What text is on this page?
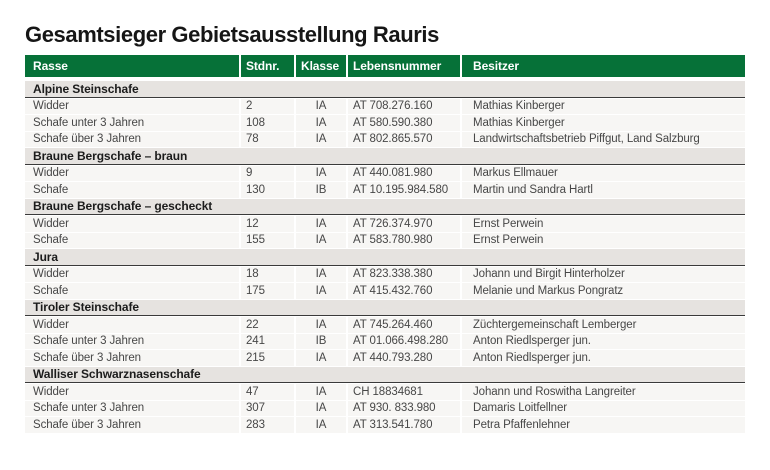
Gesamtsieger Gebietsausstellung Rauris
Rasse	Stdnr.	Klasse	Lebensnummer	Besitzer
Alpine Steinschafe
Widder	2	IA	AT 708.276.160	Mathias Kinberger
Schafe unter 3 Jahren	108	IA	AT 580.590.380	Mathias Kinberger
Schafe über 3 Jahren	78	IA	AT 802.865.570	Landwirtschaftsbetrieb Piffgut, Land Salzburg
Braune Bergschafe – braun
Widder	9	IA	AT 440.081.980	Markus Ellmauer
Schafe	130	IB	AT 10.195.984.580	Martin und Sandra Hartl
Braune Bergschafe – gescheckt
Widder	12	IA	AT 726.374.970	Ernst Perwein
Schafe	155	IA	AT 583.780.980	Ernst Perwein
Jura
Widder	18	IA	AT 823.338.380	Johann und Birgit Hinterholzer
Schafe	175	IA	AT 415.432.760	Melanie und Markus Pongratz
Tiroler Steinschafe
Widder	22	IA	AT 745.264.460	Züchtergemeinschaft Lemberger
Schafe unter 3 Jahren	241	IB	AT 01.066.498.280	Anton Riedlsperger jun.
Schafe über 3 Jahren	215	IA	AT 440.793.280	Anton Riedlsperger jun.
Walliser Schwarznasenschafe
Widder	47	IA	CH 18834681	Johann und Roswitha Langreiter
Schafe unter 3 Jahren	307	IA	AT 930. 833.980	Damaris Loitfellner
Schafe über 3 Jahren	283	IA	AT 313.541.780	Petra Pfaffenlehner
